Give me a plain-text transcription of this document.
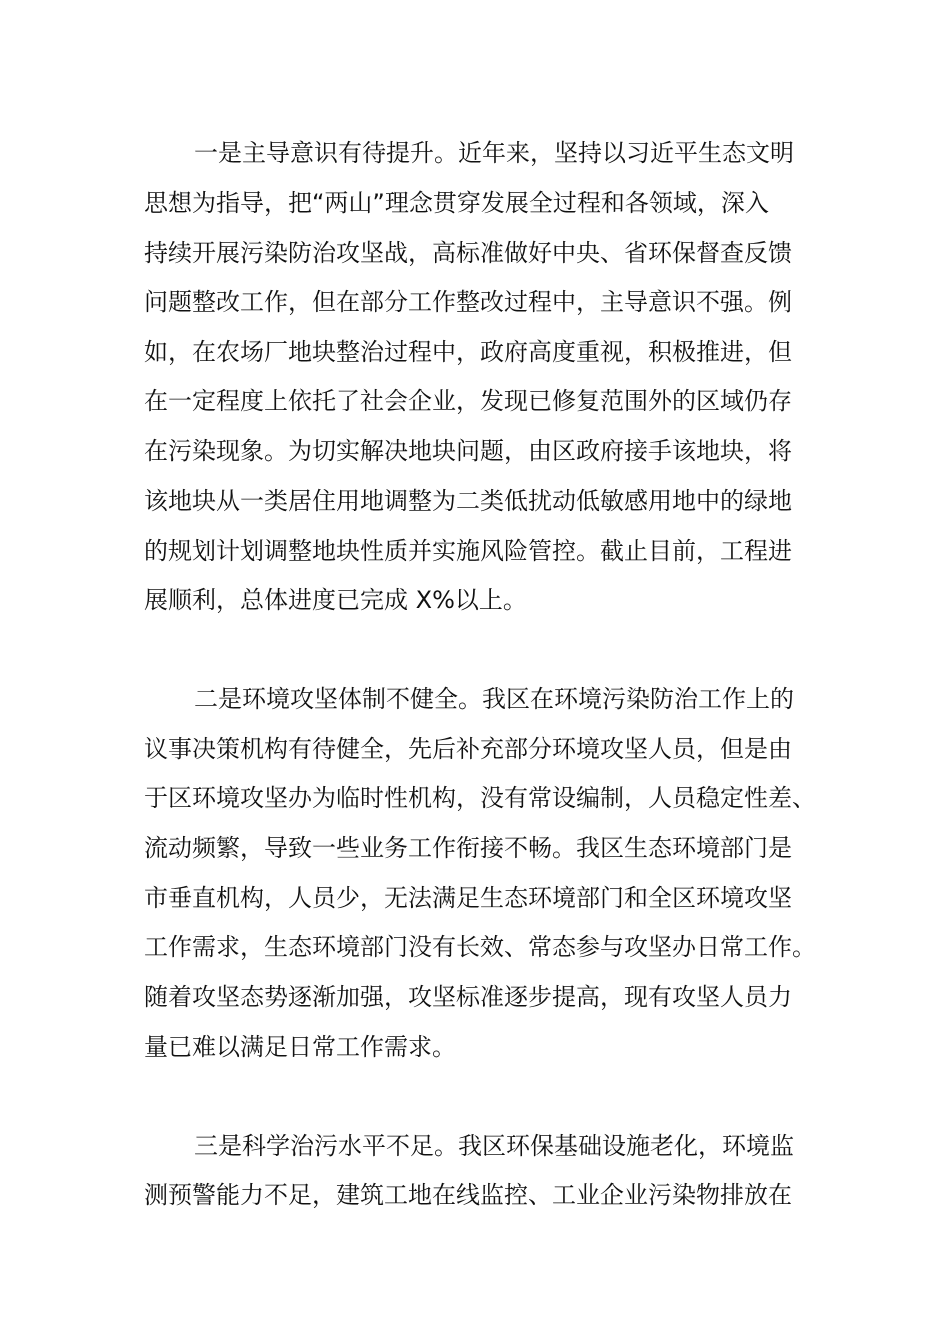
一是主导意识有待提升。近年来，坚持以习近平生态文明
思想为指导，把“两山”理念贯穿发展全过程和各领域，深入
持续开展污染防治攻坚战，高标准做好中央、省环保督查反馈
问题整改工作，但在部分工作整改过程中，主导意识不强。例
如，在农场厂地块整治过程中，政府高度重视，积极推进，但
在一定程度上依托了社会企业，发现已修复范围外的区域仍存
在污染现象。为切实解决地块问题，由区政府接手该地块，将
该地块从一类居住用地调整为二类低扰动低敏感用地中的绿地
的规划计划调整地块性质并实施风险管控。截止目前，工程进
展顺利，总体进度已完成 X%以上。
二是环境攻坚体制不健全。我区在环境污染防治工作上的
议事决策机构有待健全，先后补充部分环境攻坚人员，但是由
于区环境攻坚办为临时性机构，没有常设编制，人员稳定性差、
流动频繁，导致一些业务工作衔接不畅。我区生态环境部门是
市垂直机构，人员少，无法满足生态环境部门和全区环境攻坚
工作需求，生态环境部门没有长效、常态参与攻坚办日常工作。
随着攻坚态势逐渐加强，攻坚标准逐步提高，现有攻坚人员力
量已难以满足日常工作需求。
三是科学治污水平不足。我区环保基础设施老化，环境监
测预警能力不足，建筑工地在线监控、工业企业污染物排放在
